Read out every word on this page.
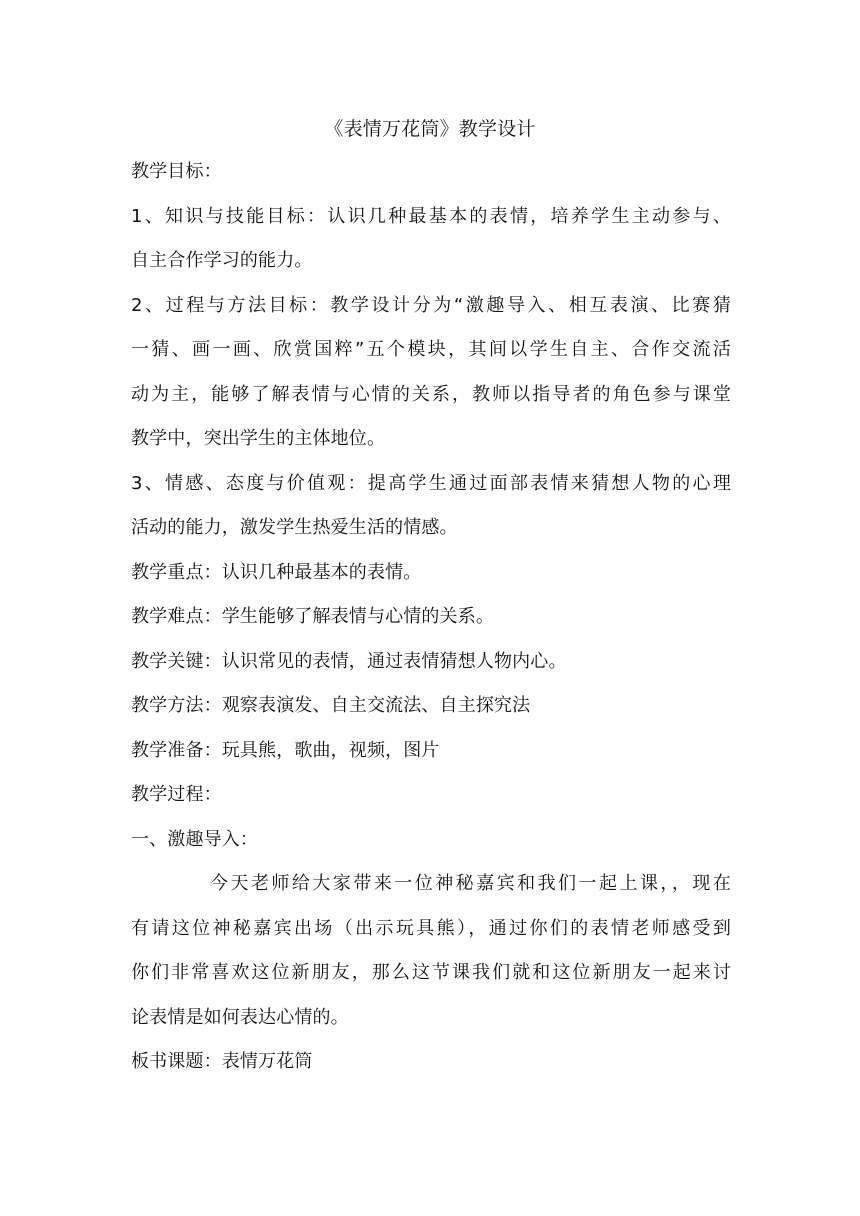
《表情万花筒》教学设计
教学目标：
1、知识与技能目标：认识几种最基本的表情，培养学生主动参与、
自主合作学习的能力。
2、过程与方法目标：教学设计分为“激趣导入、相互表演、比赛猜
一猜、画一画、欣赏国粹”五个模块，其间以学生自主、合作交流活
动为主，能够了解表情与心情的关系，教师以指导者的角色参与课堂
教学中，突出学生的主体地位。
3、情感、态度与价值观：提高学生通过面部表情来猜想人物的心理
活动的能力，激发学生热爱生活的情感。
教学重点：认识几种最基本的表情。
教学难点：学生能够了解表情与心情的关系。
教学关键：认识常见的表情，通过表情猜想人物内心。
教学方法：观察表演发、自主交流法、自主探究法
教学准备：玩具熊，歌曲，视频，图片
教学过程：
一、激趣导入：
今天老师给大家带来一位神秘嘉宾和我们一起上课，，现在
有请这位神秘嘉宾出场（出示玩具熊），通过你们的表情老师感受到
你们非常喜欢这位新朋友，那么这节课我们就和这位新朋友一起来讨
论表情是如何表达心情的。
板书课题：表情万花筒
